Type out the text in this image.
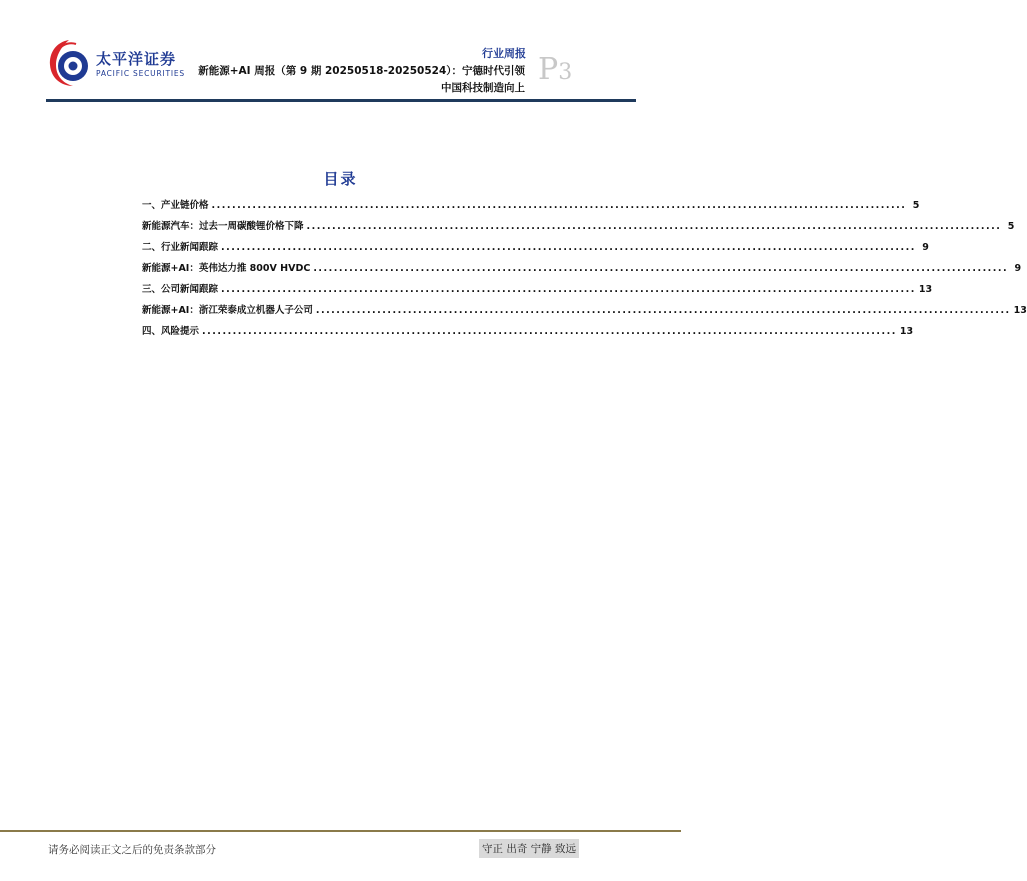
太平洋证券
PACIFIC SECURITIES
行业周报
新能源+AI 周报（第 9 期 20250518-20250524）：宁德时代引领
中国科技制造向上
P3
目录
一、 产业链价格 ........................................................................................................................................ 5
新能源汽车：过去一周碳酸锂价格下降 ........................................................................................................................................ 5
二、 行业新闻跟踪 ........................................................................................................................................ 9
新能源+AI：英伟达力推 800V HVDC ........................................................................................................................................ 9
三、 公司新闻跟踪 ........................................................................................................................................ 13
新能源+AI：浙江荣泰成立机器人子公司 ........................................................................................................................................ 13
四、 风险提示 ........................................................................................................................................ 13
请务必阅读正文之后的免责条款部分	守正 出奇 宁静 致远
